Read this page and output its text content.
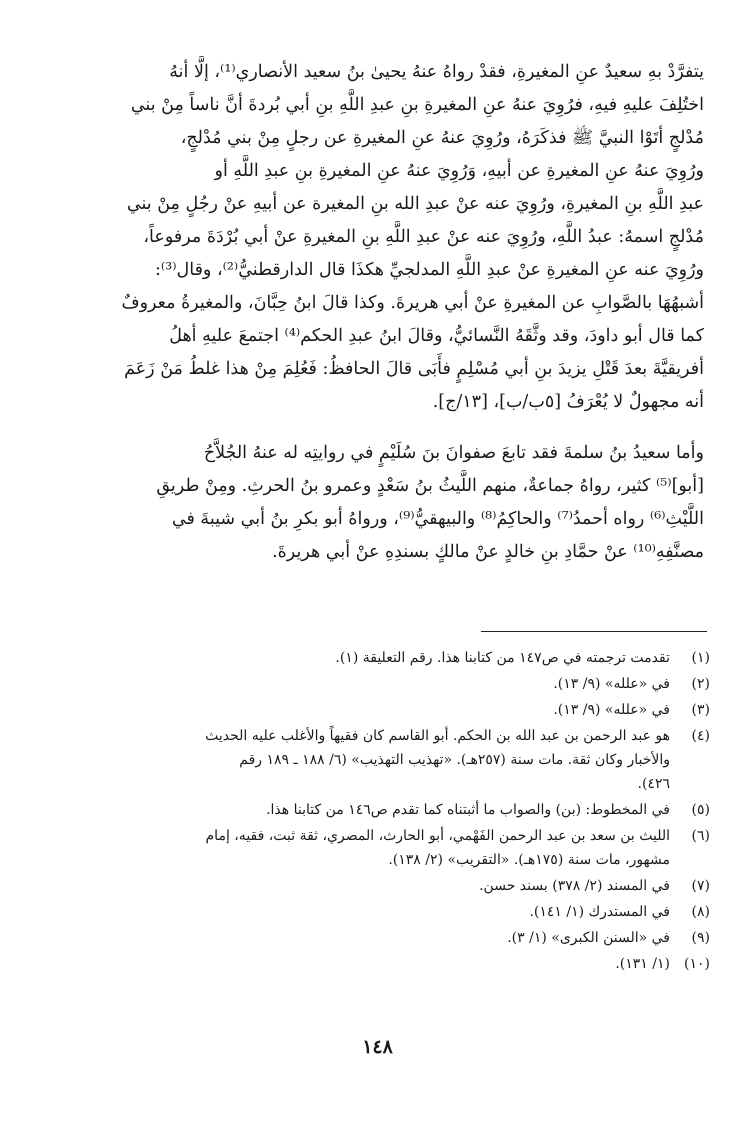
يتفرَّدْ بهِ سعيدٌ عنِ المغيرةِ، فقدْ رواهُ عنهُ يحيىٰ بنُ سعيد الأنصاري⁽¹⁾، إلَّا أنهُ
اختُلِفَ عليهِ فيهِ، فرُوِيَ عنهُ عنِ المغيرةِ بنِ عبدِ اللَّهِ بنِ أبي بُردةَ أنَّ ناساً مِنْ بني
مُدْلجٍ أتَوْا النبيَّ ﷺ فذكَرَهُ، ورُوِيَ عنهُ عنِ المغيرةِ عن رجلٍ مِنْ بني مُدْلجٍ،
ورُوِيَ عنهُ عنِ المغيرةِ عن أبيهِ، وَرُوِيَ عنهُ عنِ المغيرةِ بنِ عبدِ اللَّهِ أو
عبدِ اللَّهِ بنِ المغيرةِ، ورُوِيَ عنه عنْ عبدِ الله بنِ المغيرة عن أبيهِ عنْ رجُلٍ مِنْ بني
مُدْلجٍ اسمهُ: عبدُ اللَّهِ، ورُوِيَ عنه عنْ عبدِ اللَّهِ بنِ المغيرةِ عنْ أبي بُرْدَةَ مرفوعاً،
ورُوِيَ عنه عنِ المغيرةِ عنْ عبدِ اللَّهِ المدلجيِّ هكذَا قال الدارقطنيُّ⁽²⁾، وقال⁽³⁾:
أشبهُهَا بالصَّوابِ عن المغيرةِ عنْ أبي هريرةَ. وكذا قالَ ابنُ حِبَّانَ، والمغيرةُ معروفٌ
كما قال أبو داودَ، وقد وثَّقَهُ النَّسائيُّ، وقالَ ابنُ عبدِ الحكم⁽⁴⁾ اجتمعَ عليهِ أهلُ
أفريقيَّةَ بعدَ قَتْلِ يزيدَ بنِ أبي مُسْلِمٍ فأَبَى قالَ الحافظُ: فَعُلِمَ مِنْ هذا غلطُ مَنْ زَعَمَ
أنه مجهولٌ لا يُعْرَفُ [٥ب/ب]، [١٣/ج].
وأما سعيدُ بنُ سلمةَ فقد تابعَ صفوانَ بنَ سُلَيْمٍ في روايتِه له عنهُ الجُلاَّحُ
[أبو]⁽⁵⁾ كثير، رواهُ جماعةٌ، منهم اللَّيثُ بنُ سَعْدٍ وعمرو بنُ الحرثِ. ومِنْ طريقِ
اللَّيْثِ⁽⁶⁾ رواه أحمدُ⁽⁷⁾ والحاكِمُ⁽⁸⁾ والبيهقيُّ⁽⁹⁾، ورواهُ أبو بكرِ بنُ أبي شيبةَ في
مصنَّفِهِ⁽¹⁰⁾ عنْ حمَّادِ بنِ خالدٍ عنْ مالكٍ بسندِهِ عنْ أبي هريرةَ.
(١)
تقدمت ترجمته في ص١٤٧ من كتابنا هذا. رقم التعليقة (١).
(٢)
في «علله» (٩/ ١٣).
(٣)
في «علله» (٩/ ١٣).
(٤)
هو عبد الرحمن بن عبد الله بن الحكم. أبو القاسم كان فقيهاً والأغلب عليه الحديث
والأخبار وكان ثقة. مات سنة (٢٥٧هـ). «تهذيب التهذيب» (٦/ ١٨٨ ـ ١٨٩ رقم
٤٢٦).
(٥)
في المخطوط: (بن) والصواب ما أثبتناه كما تقدم ص١٤٦ من كتابنا هذا.
(٦)
الليث بن سعد بن عبد الرحمن الفَهْمي، أبو الحارث، المصري، ثقة ثبت، فقيه، إمام
مشهور، مات سنة (١٧٥هـ). «التقريب» (٢/ ١٣٨).
(٧)
في المسند (٢/ ٣٧٨) بسند حسن.
(٨)
في المستدرك (١/ ١٤١).
(٩)
في «السنن الكبرى» (١/ ٣).
(١٠)
(١/ ١٣١).
١٤٨
